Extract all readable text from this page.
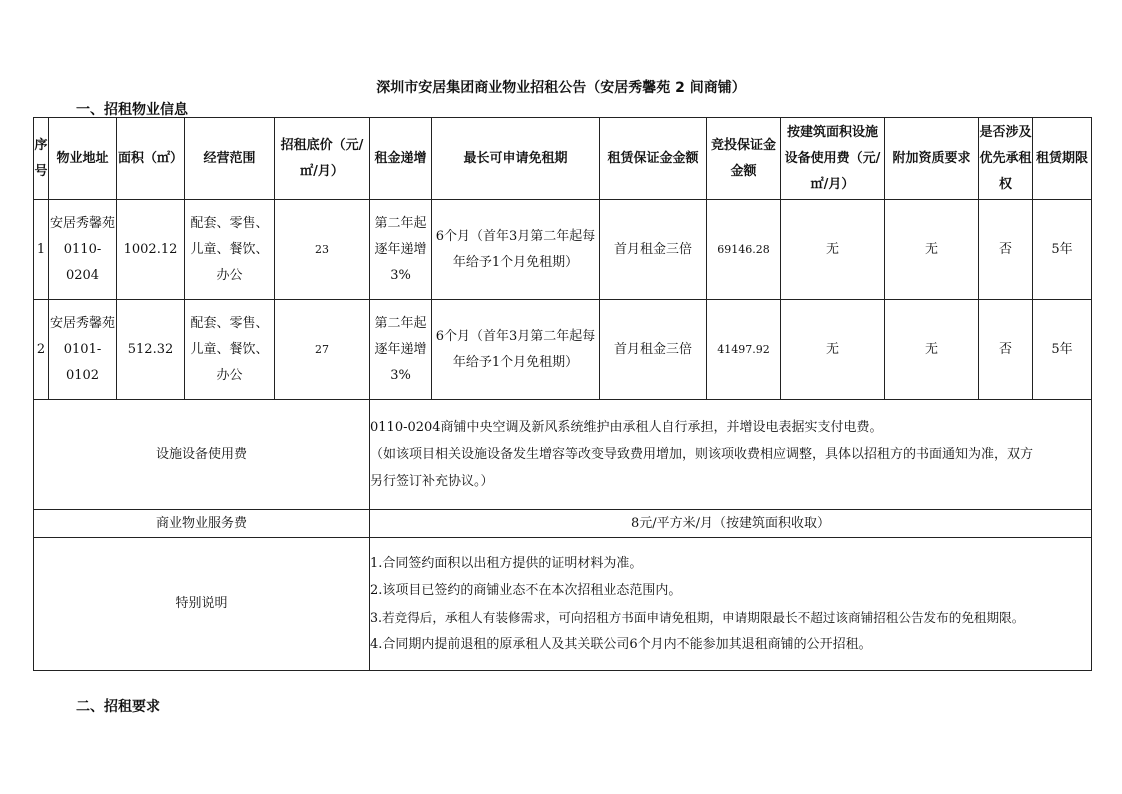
深圳市安居集团商业物业招租公告（安居秀馨苑 2 间商铺）
一、招租物业信息
序号	物业地址	面积（㎡）	经营范围	招租底价（元/㎡/月）	租金递增	最长可申请免租期	租赁保证金金额	竞投保证金金额	按建筑面积设施设备使用费（元/㎡/月）	附加资质要求	是否涉及优先承租权	租赁期限
1	安居秀馨苑0110-0204	1002.12	配套、零售、儿童、餐饮、办公	23	第二年起逐年递增3%	6个月（首年3月第二年起每年给予1个月免租期）	首月租金三倍	69146.28	无	无	否	5年
2	安居秀馨苑0101-0102	512.32	配套、零售、儿童、餐饮、办公	27	第二年起逐年递增3%	6个月（首年3月第二年起每年给予1个月免租期）	首月租金三倍	41497.92	无	无	否	5年
设施设备使用费					0110-0204商铺中央空调及新风系统维护由承租人自行承担，并增设电表据实支付电费。
（如该项目相关设施设备发生增容等改变导致费用增加，则该项收费相应调整，具体以招租方的书面通知为准，双方
另行签订补充协议。）							

商业物业服务费					8元/平方米/月（按建筑面积收取）							
特别说明					1.合同签约面积以出租方提供的证明材料为准。
2.该项目已签约的商铺业态不在本次招租业态范围内。
3.若竞得后，承租人有装修需求，可向招租方书面申请免租期，申请期限最长不超过该商铺招租公告发布的免租期限。
4.合同期内提前退租的原承租人及其关联公司6个月内不能参加其退租商铺的公开招租。							
二、招租要求
